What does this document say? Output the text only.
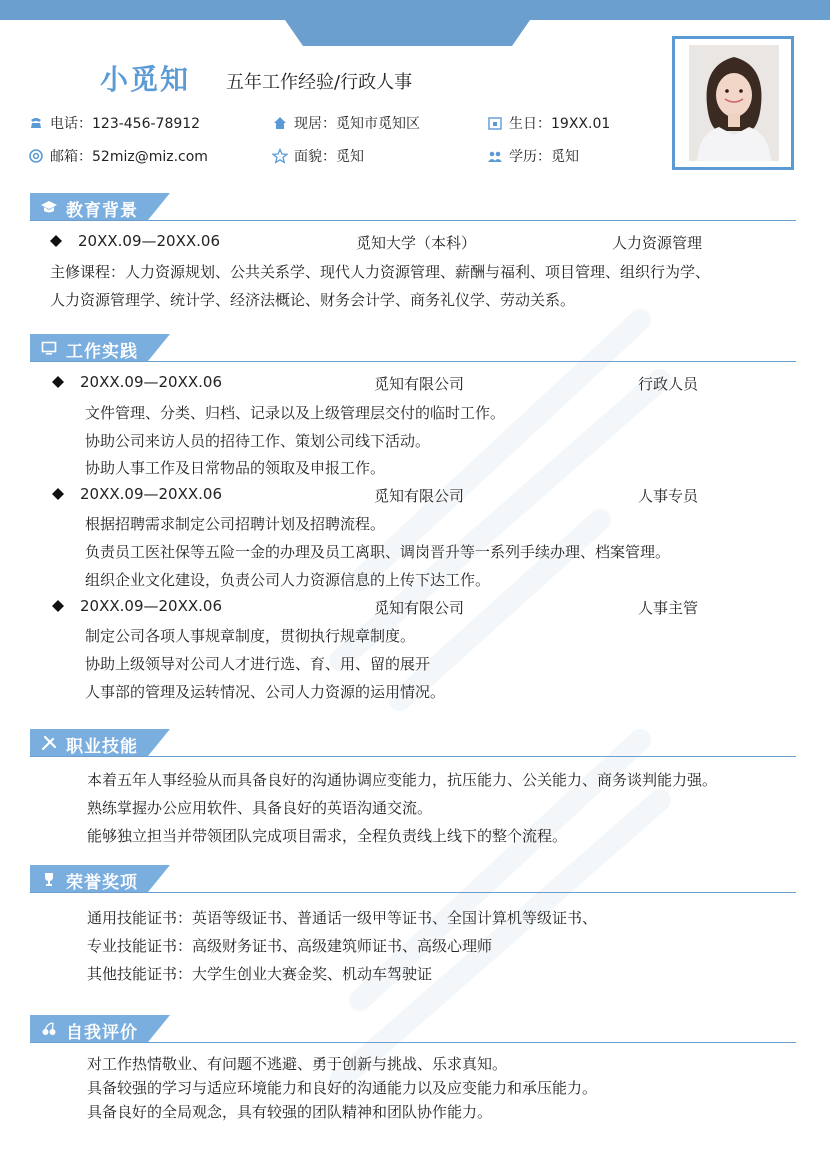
小觅知 五年工作经验/行政人事
电话：123-456-78912	现居：觅知市觅知区	生日：19XX.01
邮箱：52miz@miz.com	面貌：觅知	学历：觅知
教育背景
20XX.09—20XX.06	觅知大学（本科）	人力资源管理
主修课程：人力资源规划、公共关系学、现代人力资源管理、薪酬与福利、项目管理、组织行为学、
人力资源管理学、统计学、经济法概论、财务会计学、商务礼仪学、劳动关系。
工作实践
20XX.09—20XX.06	觅知有限公司	行政人员
文件管理、分类、归档、记录以及上级管理层交付的临时工作。
协助公司来访人员的招待工作、策划公司线下活动。
协助人事工作及日常物品的领取及申报工作。
20XX.09—20XX.06	觅知有限公司	人事专员
根据招聘需求制定公司招聘计划及招聘流程。
负责员工医社保等五险一金的办理及员工离职、调岗晋升等一系列手续办理、档案管理。
组织企业文化建设，负责公司人力资源信息的上传下达工作。
20XX.09—20XX.06	觅知有限公司	人事主管
制定公司各项人事规章制度，贯彻执行规章制度。
协助上级领导对公司人才进行选、育、用、留的展开
人事部的管理及运转情况、公司人力资源的运用情况。
职业技能
本着五年人事经验从而具备良好的沟通协调应变能力，抗压能力、公关能力、商务谈判能力强。
熟练掌握办公应用软件、具备良好的英语沟通交流。
能够独立担当并带领团队完成项目需求，全程负责线上线下的整个流程。
荣誉奖项
通用技能证书：英语等级证书、普通话一级甲等证书、全国计算机等级证书、
专业技能证书：高级财务证书、高级建筑师证书、高级心理师
其他技能证书：大学生创业大赛金奖、机动车驾驶证
自我评价
对工作热情敬业、有问题不逃避、勇于创新与挑战、乐求真知。
具备较强的学习与适应环境能力和良好的沟通能力以及应变能力和承压能力。
具备良好的全局观念，具有较强的团队精神和团队协作能力。
